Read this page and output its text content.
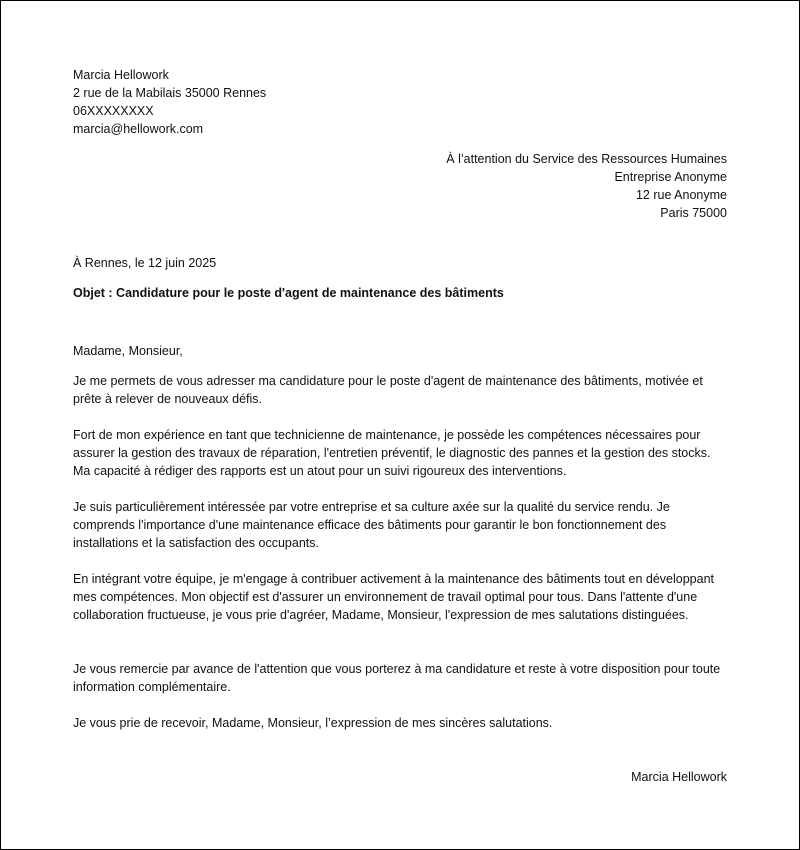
Marcia Hellowork
2 rue de la Mabilais 35000 Rennes
06XXXXXXXX
marcia@hellowork.com
À l’attention du Service des Ressources Humaines
Entreprise Anonyme
12 rue Anonyme
Paris 75000
À Rennes, le 12 juin 2025
Objet : Candidature pour le poste d'agent de maintenance des bâtiments
Madame, Monsieur,
Je me permets de vous adresser ma candidature pour le poste d'agent de maintenance des bâtiments, motivée et prête à relever de nouveaux défis.
Fort de mon expérience en tant que technicienne de maintenance, je possède les compétences nécessaires pour assurer la gestion des travaux de réparation, l'entretien préventif, le diagnostic des pannes et la gestion des stocks. Ma capacité à rédiger des rapports est un atout pour un suivi rigoureux des interventions.
Je suis particulièrement intéressée par votre entreprise et sa culture axée sur la qualité du service rendu. Je comprends l'importance d'une maintenance efficace des bâtiments pour garantir le bon fonctionnement des installations et la satisfaction des occupants.
En intégrant votre équipe, je m'engage à contribuer activement à la maintenance des bâtiments tout en développant mes compétences. Mon objectif est d'assurer un environnement de travail optimal pour tous. Dans l'attente d'une collaboration fructueuse, je vous prie d'agréer, Madame, Monsieur, l'expression de mes salutations distinguées.
Je vous remercie par avance de l'attention que vous porterez à ma candidature et reste à votre disposition pour toute information complémentaire.
Je vous prie de recevoir, Madame, Monsieur, l’expression de mes sincères salutations.
Marcia Hellowork
